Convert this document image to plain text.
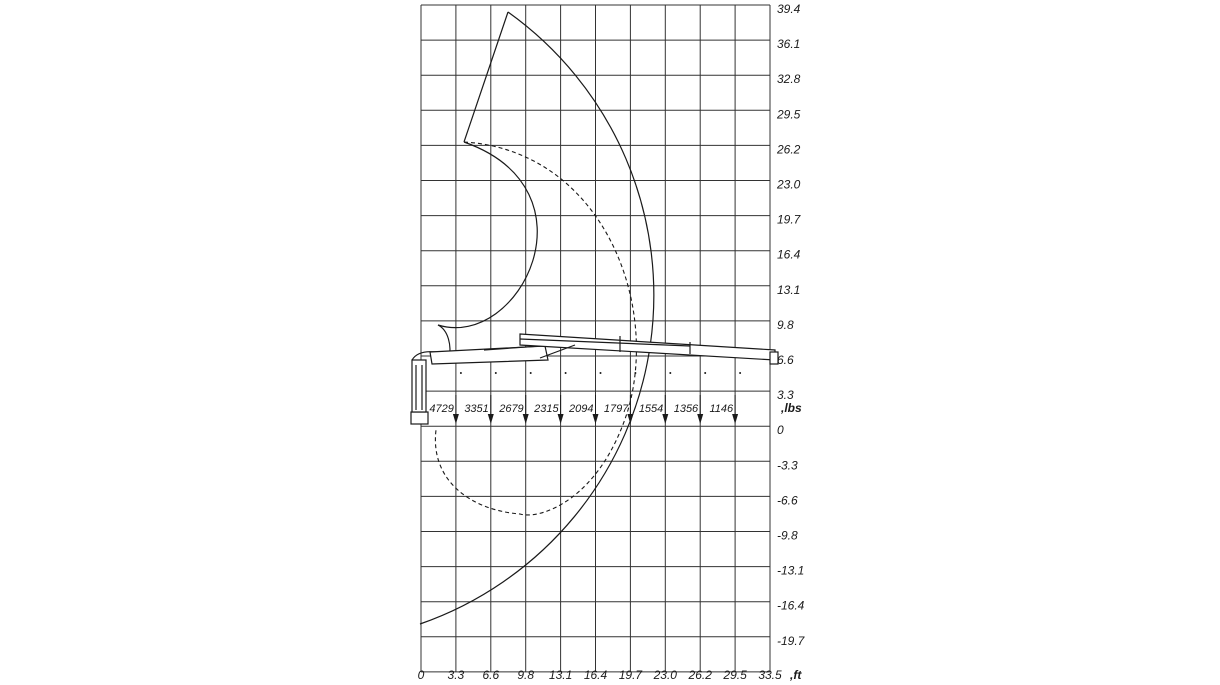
4729 3351 2679 2315 2094 1797 1554 1356 1146
39.4
36.1
32.8
29.5
26.2
23.0
19.7
16.4
13.1
9.8
6.6
3.3
0
-3.3
-6.6
-9.8
-13.1
-16.4
-19.7
0 3.3 6.6 9.8 13.1 16.4 19.7 23.0 26.2 29.5 33.5
,lbs
,ft
